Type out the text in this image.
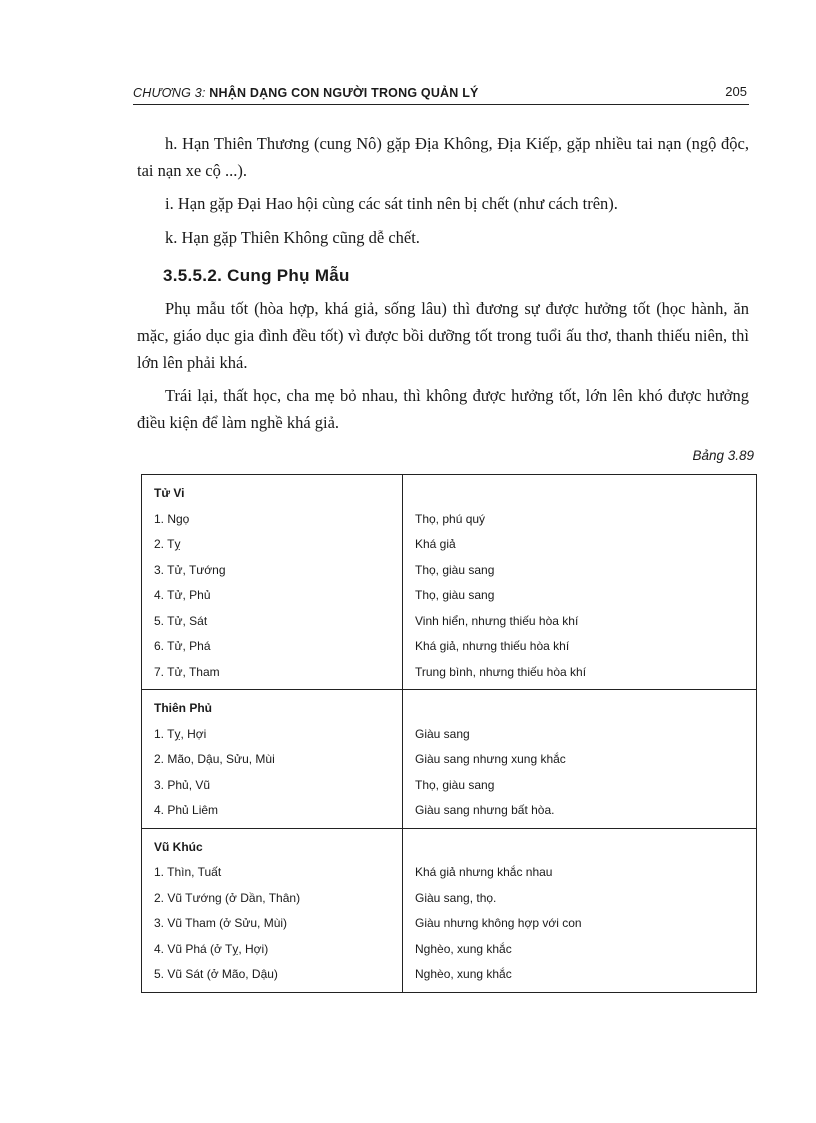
CHƯƠNG 3: NHẬN DẠNG CON NGƯỜI TRONG QUẢN LÝ	205
h. Hạn Thiên Thương (cung Nô) gặp Địa Không, Địa Kiếp, gặp nhiều tai nạn (ngộ độc, tai nạn xe cộ ...).
i. Hạn gặp Đại Hao hội cùng các sát tinh nên bị chết (như cách trên).
k. Hạn gặp Thiên Không cũng dễ chết.
3.5.5.2. Cung Phụ Mẫu
Phụ mẫu tốt (hòa hợp, khá giả, sống lâu) thì đương sự được hưởng tốt (học hành, ăn mặc, giáo dục gia đình đều tốt) vì được bồi dưỡng tốt trong tuổi ấu thơ, thanh thiếu niên, thì lớn lên phải khá.
Trái lại, thất học, cha mẹ bỏ nhau, thì không được hưởng tốt, lớn lên khó được hưởng điều kiện để làm nghề khá giả.
Bảng 3.89
Tử Vi
1. Ngọ
2. Tỵ
3. Tử, Tướng
4. Tử, Phủ
5. Tử, Sát
6. Tử, Phá
7. Tử, Tham
Thọ, phú quý
Khá giả
Thọ, giàu sang
Thọ, giàu sang
Vinh hiển, nhưng thiếu hòa khí
Khá giả, nhưng thiếu hòa khí
Trung bình, nhưng thiếu hòa khí
Thiên Phủ
1. Tỵ, Hợi
2. Mão, Dậu, Sửu, Mùi
3. Phủ, Vũ
4. Phủ Liêm
Giàu sang
Giàu sang nhưng xung khắc
Thọ, giàu sang
Giàu sang nhưng bất hòa.
Vũ Khúc
1. Thìn, Tuất
2. Vũ Tướng (ở Dần, Thân)
3. Vũ Tham (ở Sửu, Mùi)
4. Vũ Phá (ở Tỵ, Hợi)
5. Vũ Sát (ở Mão, Dậu)
Khá giả nhưng khắc nhau
Giàu sang, thọ.
Giàu nhưng không hợp với con
Nghèo, xung khắc
Nghèo, xung khắc
